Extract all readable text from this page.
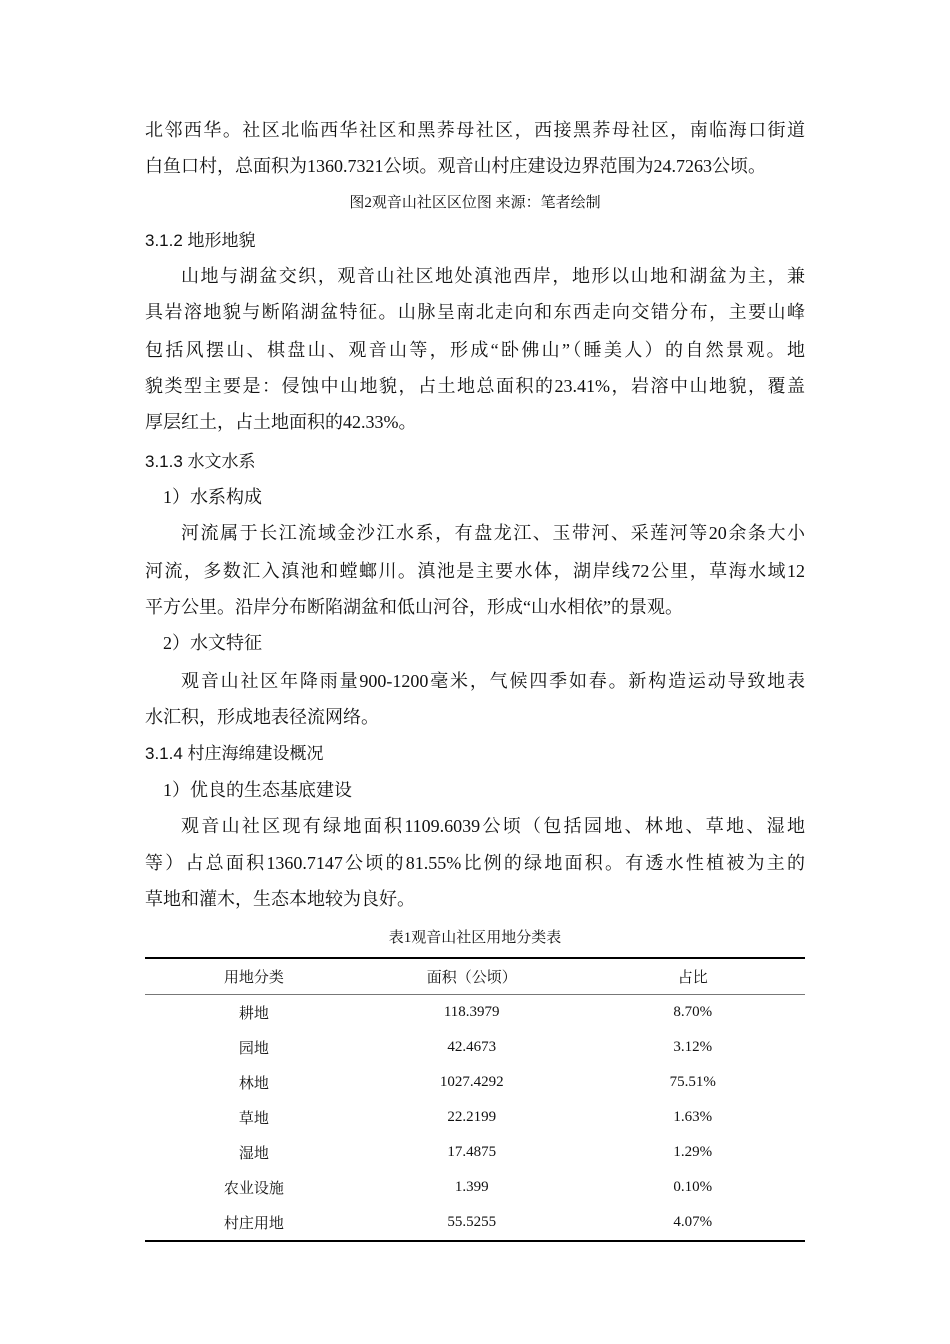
北邻西华。社区北临西华社区和黑荞母社区，西接黑荞母社区，南临海口街道
白鱼口村，总面积为1360.7321公顷。观音山村庄建设边界范围为24.7263公顷。
图2观音山社区区位图 来源：笔者绘制
3.1.2 地形地貌
山地与湖盆交织，观音山社区地处滇池西岸，地形以山地和湖盆为主，兼
具岩溶地貌与断陷湖盆特征。山脉呈南北走向和东西走向交错分布，主要山峰
包括风摆山、棋盘山、观音山等，形成“卧佛山”（睡美人）的自然景观。地
貌类型主要是：侵蚀中山地貌，占土地总面积的23.41%，岩溶中山地貌，覆盖
厚层红土，占土地面积的42.33%。
3.1.3 水文水系
1）水系构成
河流属于长江流域金沙江水系，有盘龙江、玉带河、采莲河等20余条大小
河流，多数汇入滇池和螳螂川。滇池是主要水体，湖岸线72公里，草海水域12
平方公里。沿岸分布断陷湖盆和低山河谷，形成“山水相依”的景观。
2）水文特征
观音山社区年降雨量900-1200毫米，气候四季如春。新构造运动导致地表
水汇积，形成地表径流网络。
3.1.4 村庄海绵建设概况
1）优良的生态基底建设
观音山社区现有绿地面积1109.6039公顷（包括园地、林地、草地、湿地
等）占总面积1360.7147公顷的81.55%比例的绿地面积。有透水性植被为主的
草地和灌木，生态本地较为良好。
表1观音山社区用地分类表
用地分类	面积（公顷）	占比
耕地	118.3979	8.70%
园地	42.4673	3.12%
林地	1027.4292	75.51%
草地	22.2199	1.63%
湿地	17.4875	1.29%
农业设施	1.399	0.10%
村庄用地	55.5255	4.07%
